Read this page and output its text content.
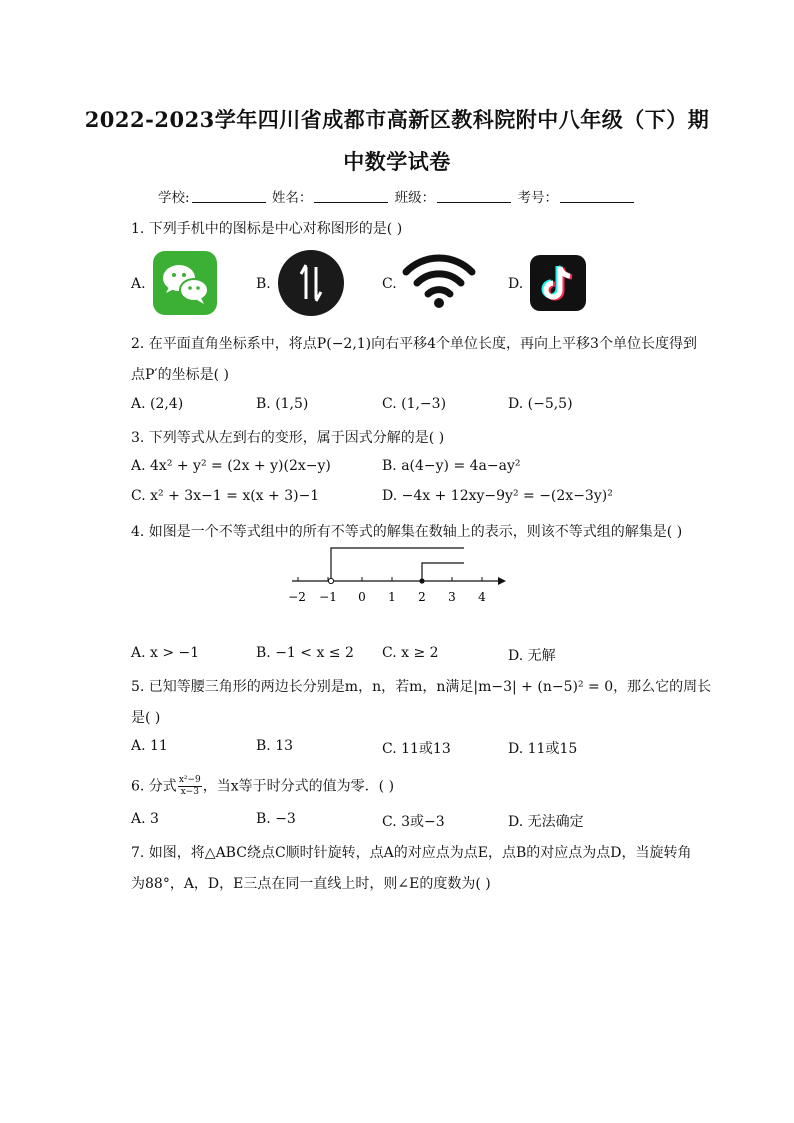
2022-2023学年四川省成都市高新区教科院附中八年级（下）期
中数学试卷
学校:	姓名：	班级：	考号：
1. 下列手机中的图标是中心对称图形的是( )
A.	B.	C.	D.
2. 在平面直角坐标系中，将点P(−2,1)向右平移4个单位长度，再向上平移3个单位长度得到
点P′的坐标是( )
A. (2,4)	B. (1,5)	C. (1,−3)	D. (−5,5)
3. 下列等式从左到右的变形，属于因式分解的是( )
A. 4x² + y² = (2x + y)(2x−y)	B. a(4−y) = 4a−ay²
C. x² + 3x−1 = x(x + 3)−1	D. −4x + 12xy−9y² = −(2x−3y)²
4. 如图是一个不等式组中的所有不等式的解集在数轴上的表示，则该不等式组的解集是( )
−2 −1 0 1 2 3 4
A. x > −1	B. −1 < x ≤ 2 C. x ≥ 2	D. 无解
5. 已知等腰三角形的两边长分别是m，n，若m，n满足|m−3| + (n−5)² = 0，那么它的周长
是( )
A. 11	B. 13	C. 11或13	D. 11或15
6. 分式 $\frac{\text{x²−9}}{x-3}$ ，当x等于时分式的值为零．( )
A. 3	B. −3	C. 3或−3	D. 无法确定
7. 如图，将△ABC绕点C顺时针旋转，点A的对应点为点E，点B的对应点为点D，当旋转角
为88°，A，D，E三点在同一直线上时，则∠E的度数为( )
